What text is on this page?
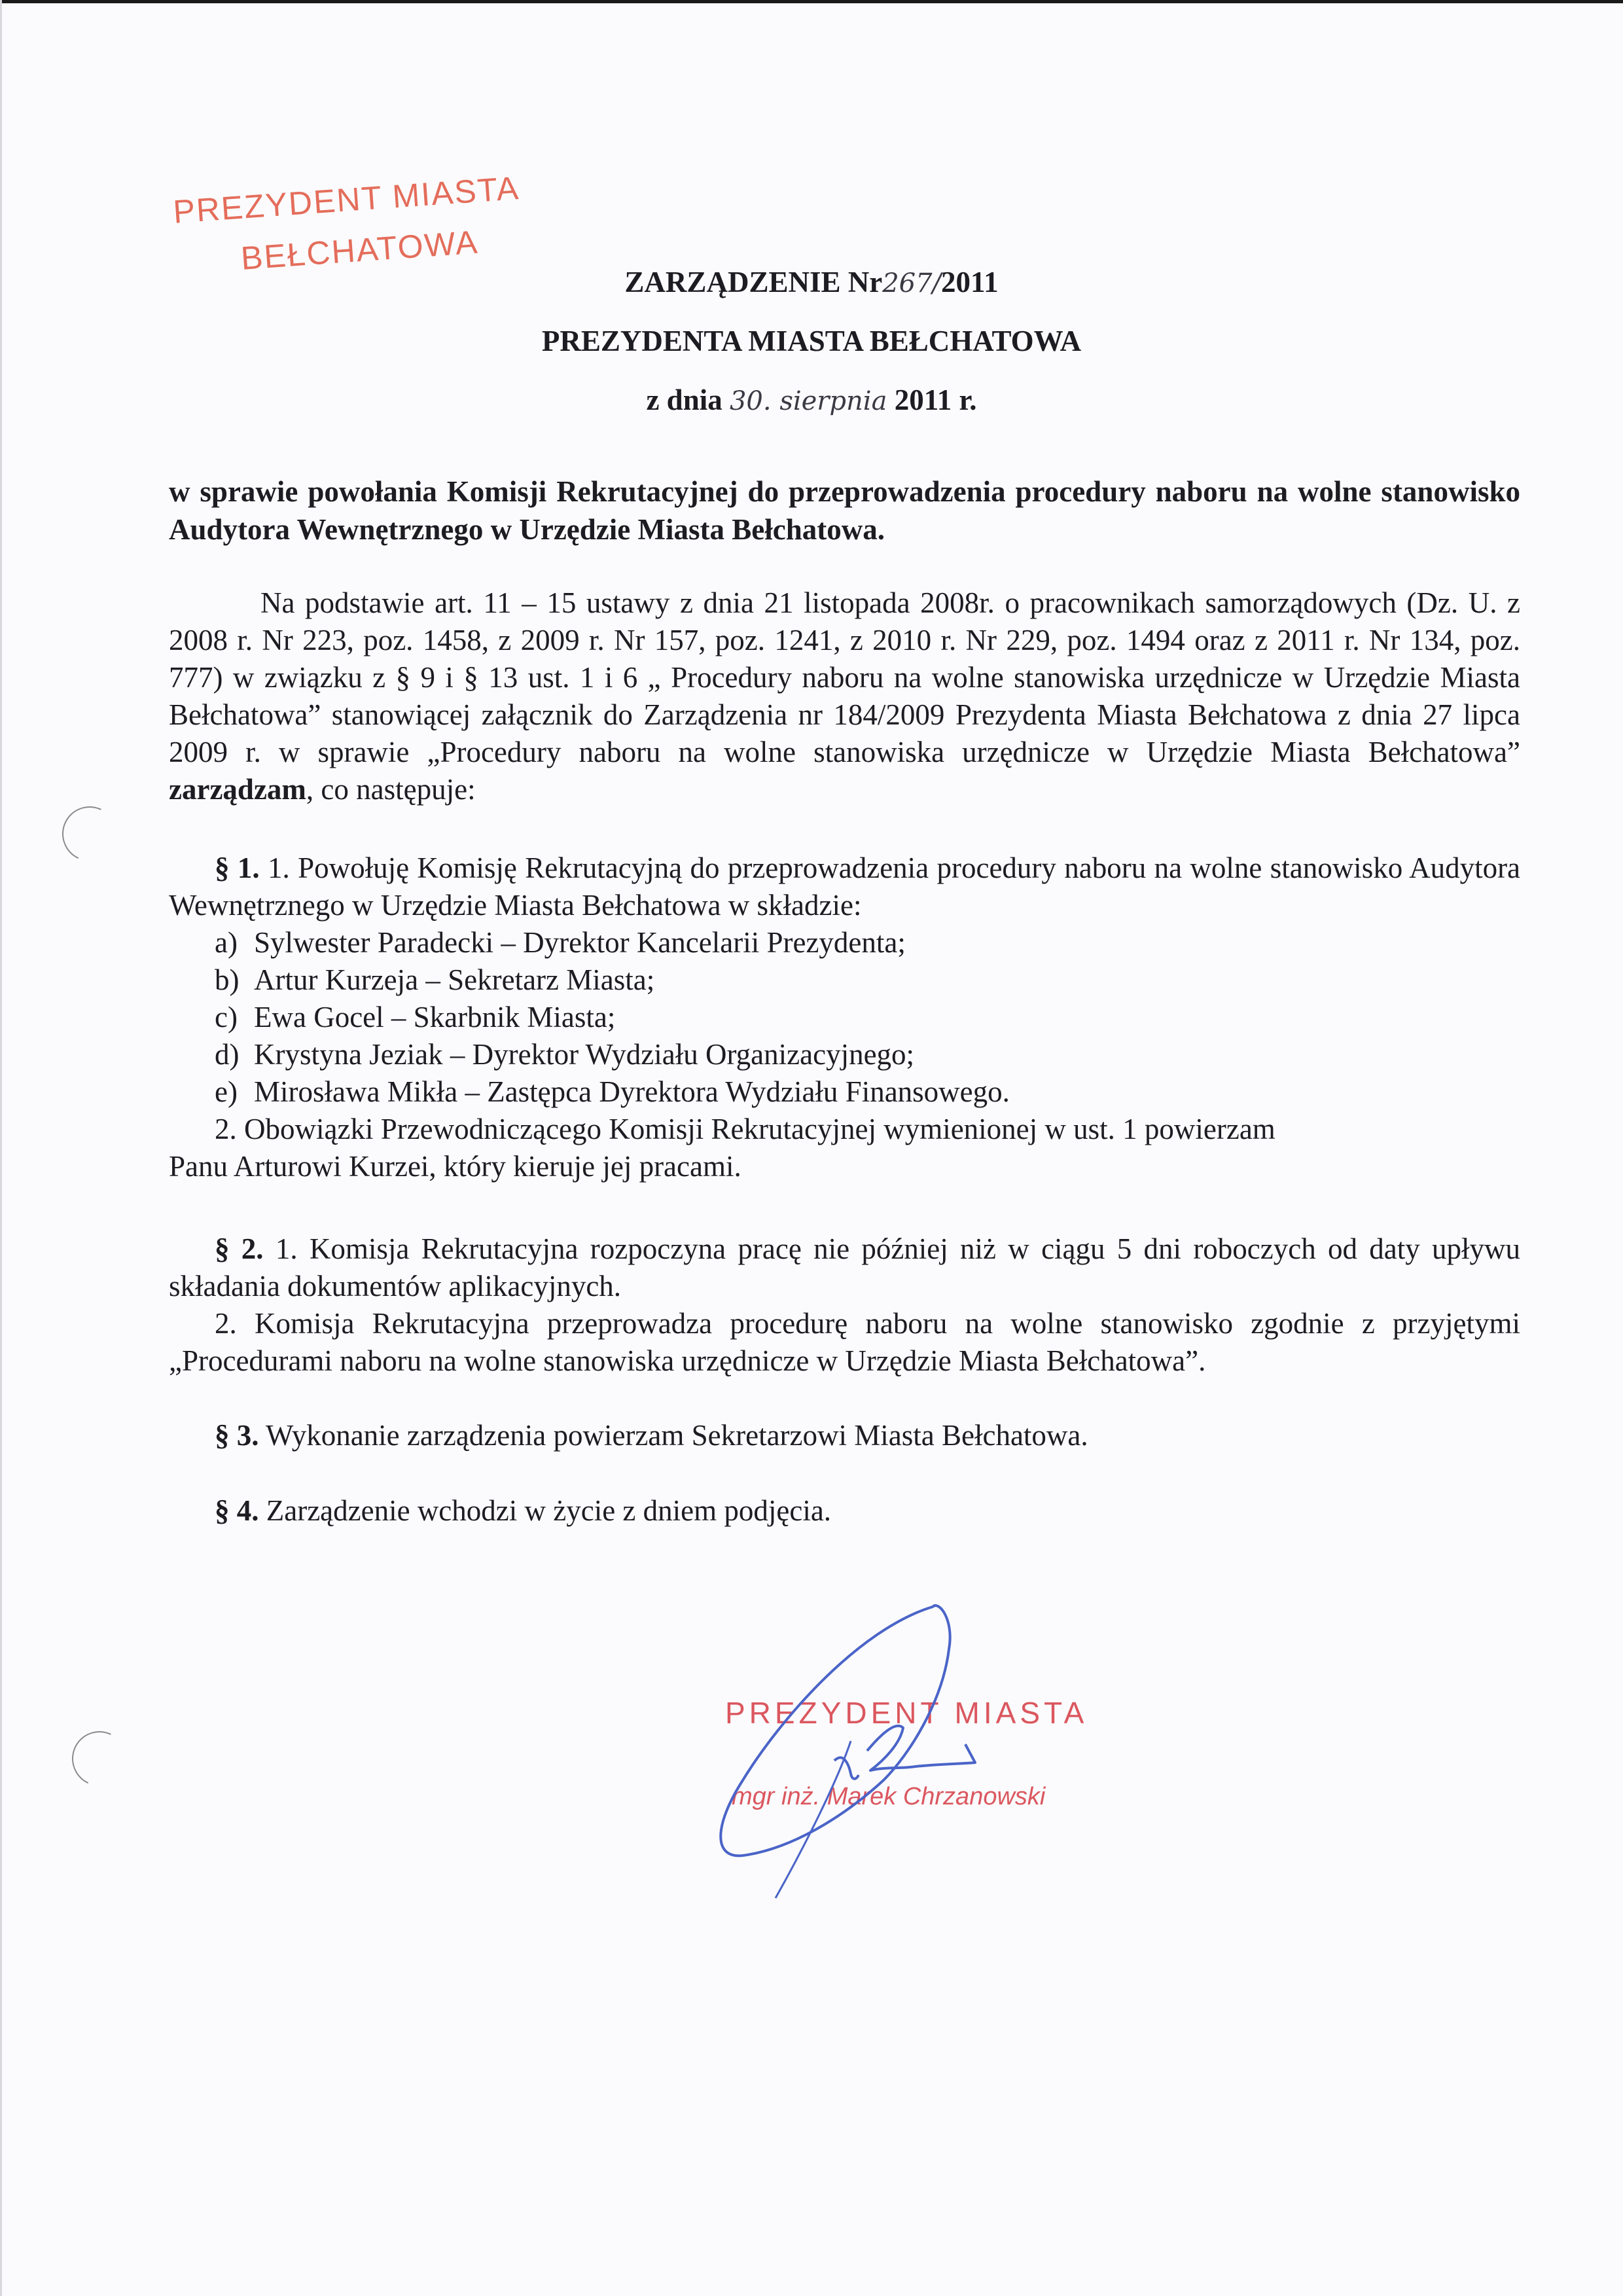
PREZYDENT MIASTA
BEŁCHATOWA
ZARZĄDZENIE Nr267/2011
PREZYDENTA MIASTA BEŁCHATOWA
z dnia 30. sierpnia 2011 r.
w sprawie powołania Komisji Rekrutacyjnej do przeprowadzenia procedury naboru na wolne stanowisko Audytora Wewnętrznego w Urzędzie Miasta Bełchatowa.
Na podstawie art. 11 – 15 ustawy z dnia 21 listopada 2008r. o pracownikach samorządowych (Dz. U. z 2008 r. Nr 223, poz. 1458, z 2009 r. Nr 157, poz. 1241, z 2010 r. Nr 229, poz. 1494 oraz z 2011 r. Nr 134, poz. 777) w związku z § 9 i § 13 ust. 1 i 6 „ Procedury naboru na wolne stanowiska urzędnicze w Urzędzie Miasta Bełchatowa” stanowiącej załącznik do Zarządzenia nr 184/2009 Prezydenta Miasta Bełchatowa z dnia 27 lipca 2009 r. w sprawie „Procedury naboru na wolne stanowiska urzędnicze w Urzędzie Miasta Bełchatowa” zarządzam, co następuje:
§ 1. 1. Powołuję Komisję Rekrutacyjną do przeprowadzenia procedury naboru na wolne stanowisko Audytora Wewnętrznego w Urzędzie Miasta Bełchatowa w składzie:
a) Sylwester Paradecki – Dyrektor Kancelarii Prezydenta;
b) Artur Kurzeja – Sekretarz Miasta;
c) Ewa Gocel – Skarbnik Miasta;
d) Krystyna Jeziak – Dyrektor Wydziału Organizacyjnego;
e) Mirosława Mikła – Zastępca Dyrektora Wydziału Finansowego.
2. Obowiązki Przewodniczącego Komisji Rekrutacyjnej wymienionej w ust. 1 powierzam
Panu Arturowi Kurzei, który kieruje jej pracami.
§ 2. 1. Komisja Rekrutacyjna rozpoczyna pracę nie później niż w ciągu 5 dni roboczych od daty upływu składania dokumentów aplikacyjnych.
2. Komisja Rekrutacyjna przeprowadza procedurę naboru na wolne stanowisko zgodnie z przyjętymi „Procedurami naboru na wolne stanowiska urzędnicze w Urzędzie Miasta Bełchatowa”.
§ 3. Wykonanie zarządzenia powierzam Sekretarzowi Miasta Bełchatowa.
§ 4. Zarządzenie wchodzi w życie z dniem podjęcia.
PREZYDENT MIASTA
mgr inż. Marek Chrzanowski
